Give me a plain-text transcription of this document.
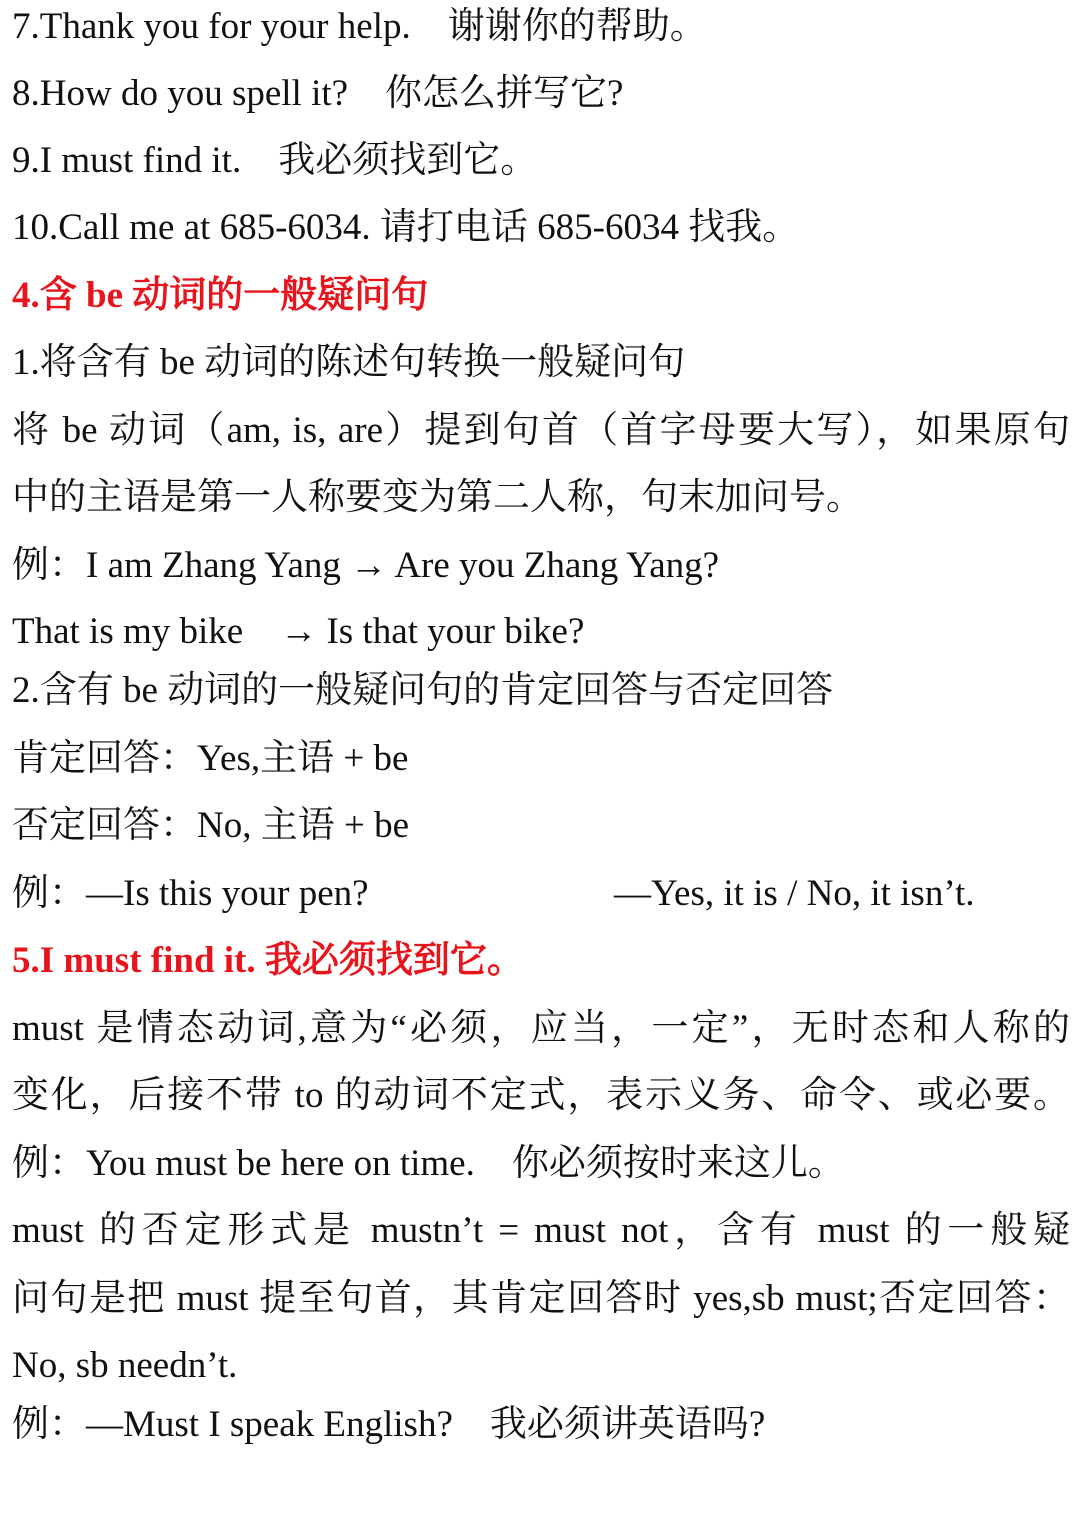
7.Thank you for your help.　谢谢你的帮助。
8.How do you spell it?　你怎么拼写它?
9.I must find it.　我必须找到它。
10.Call me at 685-6034. 请打电话 685-6034 找我。
4.含 be 动词的一般疑问句
1.将含有 be 动词的陈述句转换一般疑问句
将 be 动词（am, is, are）提到句首（首字母要大写），如果原句
中的主语是第一人称要变为第二人称，句末加问号。
例：I am Zhang Yang → Are you Zhang Yang?
That is my bike　→ Is that your bike?
2.含有 be 动词的一般疑问句的肯定回答与否定回答
肯定回答：Yes,主语 + be
否定回答：No, 主语 + be
例：—Is this your pen?	—Yes, it is / No, it isn’t.
5.I must find it. 我必须找到它。
must 是情态动词,意为“必须，应当，一定”，无时态和人称的
变化，后接不带 to 的动词不定式，表示义务、命令、或必要。
例：You must be here on time.　你必须按时来这儿。
must 的否定形式是 mustn’t = must not，含有 must 的一般疑
问句是把 must 提至句首，其肯定回答时 yes,sb must;否定回答：
No, sb needn’t.
例：—Must I speak English?　我必须讲英语吗?
